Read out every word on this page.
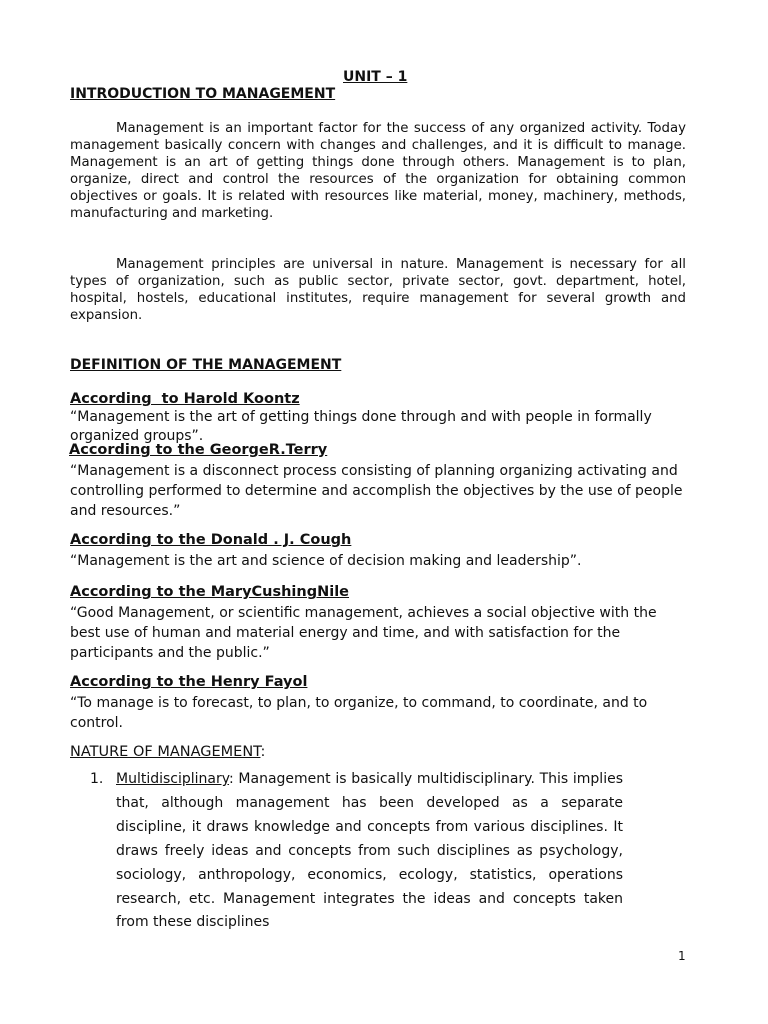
UNIT – 1

INTRODUCTION TO MANAGEMENT

Management is an important factor for the success of any organized activity. Today management basically concern with changes and challenges, and it is difficult to manage. Management is an art of getting things done through others. Management is to plan, organize, direct and control the resources of the organization for obtaining common objectives or goals. It is related with resources like material, money, machinery, methods, manufacturing and marketing.

Management principles are universal in nature. Management is necessary for all types of organization, such as public sector, private sector, govt. department, hotel, hospital, hostels, educational institutes, require management for several growth and expansion.

DEFINITION OF THE MANAGEMENT
According  to Harold Koontz
“Management is the art of getting things done through and with people in formally organized groups”.
According to the GeorgeR.Terry
“Management is a disconnect process consisting of planning organizing activating and controlling performed to determine and accomplish the objectives by the use of people and resources.”
According to the Donald . J. Cough
“Management is the art and science of decision making and leadership”.
According to the MaryCushingNile
“Good Management, or scientific management, achieves a social objective with the best use of human and material energy and time, and with satisfaction for the participants and the public.”
According to the Henry Fayol
“To manage is to forecast, to plan, to organize, to command, to coordinate, and to control.
NATURE OF MANAGEMENT:
1. Multidisciplinary: Management is basically multidisciplinary. This implies that, although management has been developed as a separate discipline, it draws knowledge and concepts from various disciplines. It draws freely ideas and concepts from such disciplines as psychology, sociology, anthropology, economics, ecology, statistics, operations research, etc. Management integrates the ideas and concepts taken from these disciplines

1
